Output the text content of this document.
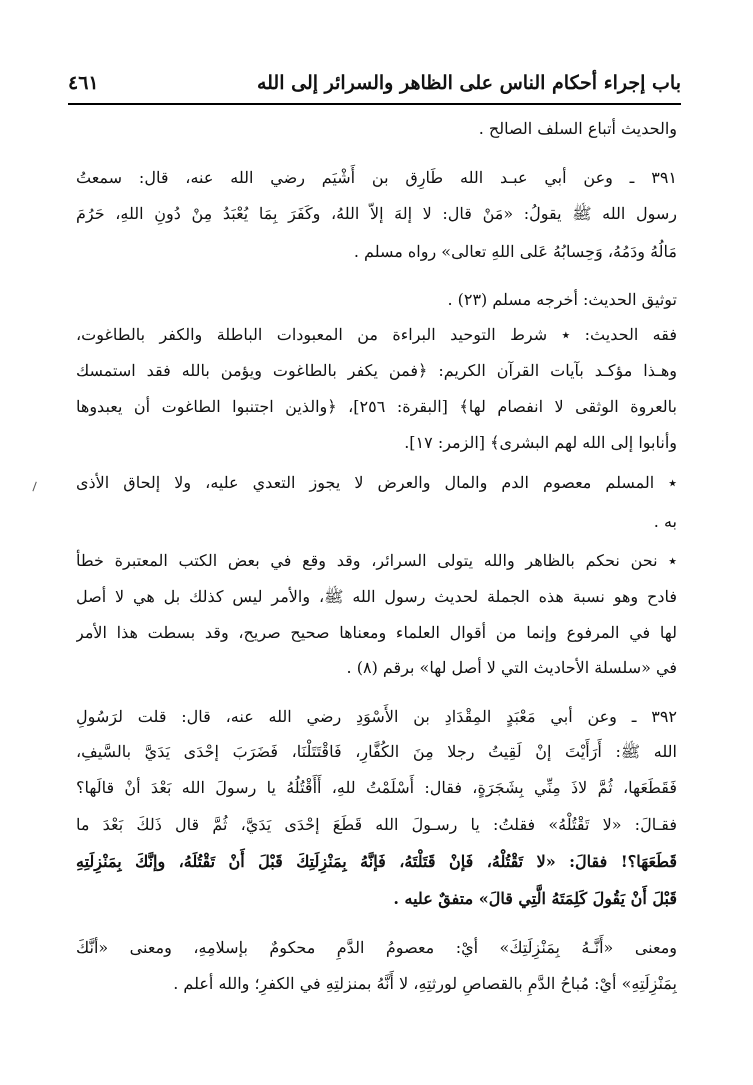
باب إجراء أحكام الناس على الظاهر والسرائر إلى الله
٤٦١
والحديث أتباع السلف الصالح .
٣٩١ ـ وعن أبي عبـد الله طَارِق بن أَشْيَم رضي الله عنه، قال: سمعتُ
رسول الله ﷺ يقولُ: «مَنْ قال: لا إلهَ إلاّ اللهُ، وكَفَرَ بِمَا يُعْبَدُ مِنْ دُونِ اللهِ، حَرُمَ
مَالُهُ ودَمُهُ، وَحِسابُهُ عَلى اللهِ تعالى» رواه مسلم .
توثيق الحديث: أخرجه مسلم (٢٣) .
فقه الحديث: ٭ شرط التوحيد البراءة من المعبودات الباطلة والكفر بالطاغوت،
وهـذا مؤكـد بآيات القرآن الكريم: ﴿فمن يكفر بالطاغوت ويؤمن بالله فقد استمسك
بالعروة الوثقى لا انفصام لها﴾ [البقرة: ٢٥٦]، ﴿والذين اجتنبوا الطاغوت أن يعبدوها
وأنابوا إلى الله لهم البشرى﴾ [الزمر: ١٧].
٭ المسلم معصوم الدم والمال والعرض لا يجوز التعدي عليه، ولا إلحاق الأذى
به .
٭ نحن نحكم بالظاهر والله يتولى السرائر، وقد وقع في بعض الكتب المعتبرة خطأ
فادح وهو نسبة هذه الجملة لحديث رسول الله ﷺ، والأمر ليس كذلك بل هي لا أصل
لها في المرفوع وإنما من أقوال العلماء ومعناها صحيح صريح، وقد بسطت هذا الأمر
في «سلسلة الأحاديث التي لا أصل لها» برقم (٨) .
٣٩٢ ـ وعن أبي مَعْبَدٍ المِقْدَادِ بن الأَسْوَدِ رضي الله عنه، قال: قلت لرَسُولِ
الله ﷺ: أَرَأَيْتَ إنْ لَقِيتُ رجلا مِنَ الكُفَّارِ، فَاقْتَتَلْنَا، فَضَرَبَ إحْدَى يَدَيَّ بالسَّيفِ،
فَقَطَعَها، ثُمَّ لاذَ مِنِّي بِشَجَرَةٍ، فقال: أَسْلَمْتُ للهِ، أَأَقْتُلُهُ يا رسولَ الله بَعْدَ أنْ قالَها؟
فقـالَ: «لا تَقْتُلْهُ» فقلتُ: يا رسـولَ الله قَطَعَ إحْدَى يَدَيَّ، ثُمَّ قال ذَلكَ بَعْدَ ما
قَطَعَهَا؟! فقالَ: «لا تَقْتُلْهُ، فَإنْ قَتَلْتَهُ، فَإنَّهُ بِمَنْزِلَتِكَ قَبْلَ أَنْ تَقْتُلَهُ، وإنَّكَ بِمَنْزِلَتِهِ
قَبْلَ أَنْ يَقُولَ كَلِمَتَهُ الَّتِي قالَ» متفقٌ عليه .
ومعنى «أَنَّـهُ بِمَنْزِلَتِكَ» أيْ: معصومُ الدَّمِ محكومٌ بإسلامِهِ، ومعنى «أنَّكَ
بِمَنْزِلَتِهِ» أيْ: مُباحُ الدَّمِ بالقصاصِ لورثتِهِ، لا أَنَّهُ بمنزلتِهِ في الكفرِ؛ والله أعلم .
